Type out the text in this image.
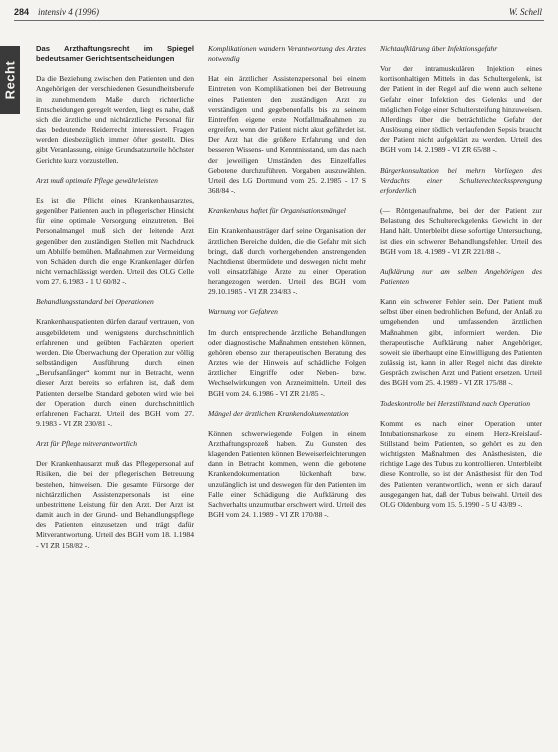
284 intensiv 4 (1996)	W. Schell
Recht
Das Arzthaftungsrecht im Spiegel bedeutsamer Gerichtsentscheidungen

Da die Beziehung zwischen den Patienten und den Angehörigen der verschiedenen Gesundheitsberufe in zunehmendem Maße durch richterliche Entscheidungen geregelt werden, liegt es nahe, daß sich die ärztliche und nichtärztliche Personal für das bedeutende Reiderrecht interessiert. Fragen werden diesbezüglich immer öfter gestellt. Dies gibt Veranlassung, einige Grundsatzurteile höchster Gerichte kurz vorzustellen.

Arzt muß optimale Pflege gewährleisten

Es ist die Pflicht eines Krankenhausarztes, gegenüber Patienten auch in pflegerischer Hinsicht für eine optimale Versorgung einzutreten. Bei Personalmangel muß sich der leitende Arzt gegenüber den zuständigen Stellen mit Nachdruck um Abhilfe bemühen. Maßnahmen zur Vermeidung von Schäden durch die enge Krankenlager dürfen nicht vernachlässigt werden. Urteil des OLG Celle vom 27. 6.1983 - 1 U 60/82 -.

Behandlungsstandard bei Operationen

Krankenhauspatienten dürfen darauf vertrauen, von ausgebildetem und wenigstens durchschnittlich erfahrenen und geübten Fachärzten operiert werden. Die Überwachung der Operation zur völlig selbständigen Ausführung durch einen „Berufsanfänger“ kommt nur in Betracht, wenn dieser Arzt bereits so erfahren ist, daß dem Patienten derselbe Standard geboten wird wie bei der Operation durch einen durchschnittlich erfahrenen Facharzt. Urteil des BGH vom 27. 9.1983 - VI ZR 230/81 -.

Arzt für Pflege mitverantwortlich

Der Krankenhausarzt muß das Pflegepersonal auf Risiken, die bei der pflegerischen Betreuung bestehen, hinweisen. Die gesamte Fürsorge der nichtärztlichen Assistenzpersonals ist eine unbestrittene Leistung für den Arzt. Der Arzt ist damit auch in der Grund- und Behandlungspflege des Patienten einzusetzen und trägt dafür Mitverantwortung. Urteil des BGH vom 18. 1.1984 - VI ZR 158/82 -.

Komplikationen wandern Verantwortung des Arztes notwendig

Hat ein ärztlicher Assistenzpersonal bei einem Eintreten von Komplikationen bei der Betreuung eines Patienten den zuständigen Arzt zu verständigen und gegebenenfalls bis zu seinem Eintreffen eigene erste Notfallmaßnahmen zu ergreifen, wenn der Patient nicht akut gefährdet ist. Der Arzt hat die größere Erfahrung und den besseren Wissens- und Kenntnisstand, um das nach der jeweiligen Umständen des Einzelfalles Gebotene durchzuführen. Vorgaben auszuwählen. Urteil des LG Dortmund vom 25. 2.1985 - 17 S 368/84 -.

Krankenhaus haftet für Organisationsmängel

Ein Krankenhausträger darf seine Organisation der ärztlichen Bereiche dulden, die die Gefahr mit sich bringt, daß durch vorhergehenden anstrengenden Nachtdienst übermüdete und deswegen nicht mehr voll einsatzfähige Ärzte zu einer Operation herangezogen werden. Urteil des BGH vom 29.10.1985 - VI ZR 234/83 -.

Warnung vor Gefahren

Im durch entsprechende ärztliche Behandlungen oder diagnostische Maßnahmen entstehen können, gehören ebenso zur therapeutischen Beratung des Arztes wie der Hinweis auf schädliche Folgen ärztlicher Eingriffe oder Neben- bzw. Wechselwirkungen von Arzneimitteln. Urteil des BGH vom 24. 6.1986 - VI ZR 21/85 -.

Mängel der ärztlichen Krankendokumentation

Können schwerwiegende Folgen in einem Arzthaftungsprozeß haben. Zu Gunsten des klagenden Patienten können Beweiserleichterungen dann in Betracht kommen, wenn die gebotene Krankendokumentation lückenhaft bzw. unzulänglich ist und deswegen für den Patienten im Falle einer Schädigung die Aufklärung des Sachverhalts unzumutbar erschwert wird. Urteil des BGH vom 24. 1.1989 - VI ZR 170/88 -.

Nichtaufklärung über Infektionsgefahr

Vor der intramuskulären Injektion eines kortisonhaltigen Mittels in das Schultergelenk, ist der Patient in der Regel auf die wenn auch seltene Gefahr einer Infektion des Gelenks und der möglichen Folge einer Schultersteifung hinzuweisen. Allerdings über die beträchtliche Gefahr der Auslösung einer tödlich verlaufenden Sepsis braucht der Patient nicht aufgeklärt zu werden. Urteil des BGH vom 14. 2.1989 - VI ZR 65/88 -.

Bürgerkonsultation bei mehrn Vorliegen des Verdachts einer Schulterechteckssprengung erforderlich

(— Röntgenaufnahme, bei der der Patient zur Belastung des Schultereckgelenks Gewicht in der Hand hält. Unterbleibt diese sofortige Untersuchung, ist dies ein schwerer Behandlungsfehler. Urteil des BGH vom 18. 4.1989 - VI ZR 221/88 -.

Aufklärung nur am selben Angehörigen des Patienten

Kann ein schwerer Fehler sein. Der Patient muß selbst über einen bedrohlichen Befund, der Anlaß zu umgehenden und umfassenden ärztlichen Maßnahmen gibt, informiert werden. Die therapeutische Aufklärung naher Angehöriger, soweit sie überhaupt eine Einwilligung des Patienten zulässig ist, kann in aller Regel nicht das direkte Gespräch zwischen Arzt und Patient ersetzen. Urteil des BGH vom 25. 4.1989 - VI ZR 175/88 -.

Todeskontrolle bei Herzstillstand nach Operation

Kommt es nach einer Operation unter Intubationsnarkose zu einem Herz-Kreislauf-Stillstand beim Patienten, so gehört es zu den wichtigsten Maßnahmen des Anästhesisten, die richtige Lage des Tubus zu kontrollieren. Unterbleibt diese Kontrolle, so ist der Anästhesist für den Tod des Patienten verantwortlich, wenn er sich darauf ausgegangen hat, daß der Tubus beiwahl. Urteil des OLG Oldenburg vom 15. 5.1990 - 5 U 43/89 -.
